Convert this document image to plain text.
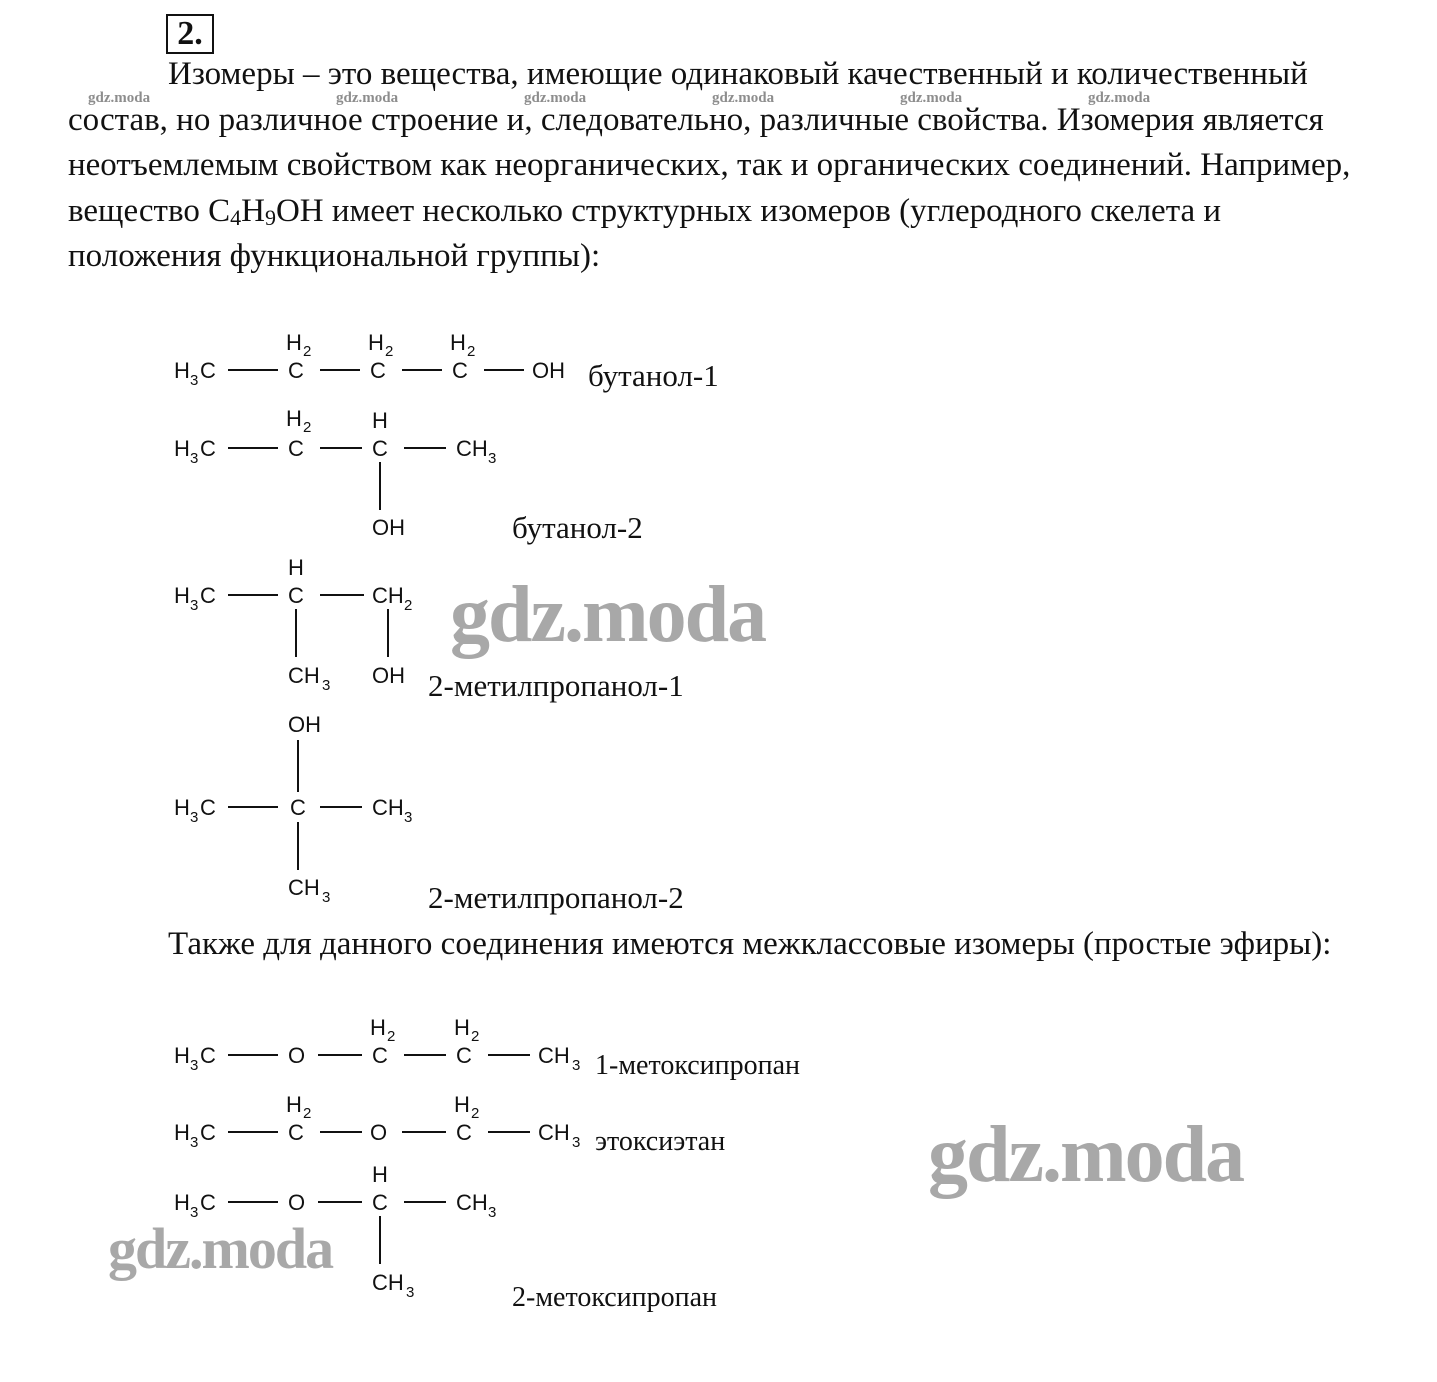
2.
gdz.moda	gdz.moda	gdz.moda	gdz.moda	gdz.moda	gdz.moda

Изомеры – это вещества, имеющие одинаковый качественный и количественный состав, но различное строение и, следовательно, различные свойства. Изомерия является неотъемлемым свойством как неорганических, так и органических соединений. Например, вещество $C_4H_9OH$ имеет несколько структурных изомеров (углеродного скелета и положения функциональной группы):

H 3 C	C
H 2
C
H 2
C
H 2
OH
H 3 C	C
H 2
C
H
CH 3
OH
H 3 C	C
H
CH 2
CH 3 OH
OH
H 3 C	C	CH 3
CH 3
H 3 C	O	C
H 2
C
H 2
CH 3
H 3 C	C
H 2
O	C
H 2
CH 3
H 3 C	O	C
H
CH 3
CH 3
бутанол-1
бутанол-2
2-метилпропанол-1
2-метилпропанол-2

Также для данного соединения имеются межклассовые изомеры (простые эфиры):

1-метоксипропан
этоксиэтан
2-метоксипропан
gdz.moda
gdz.moda
gdz.moda
